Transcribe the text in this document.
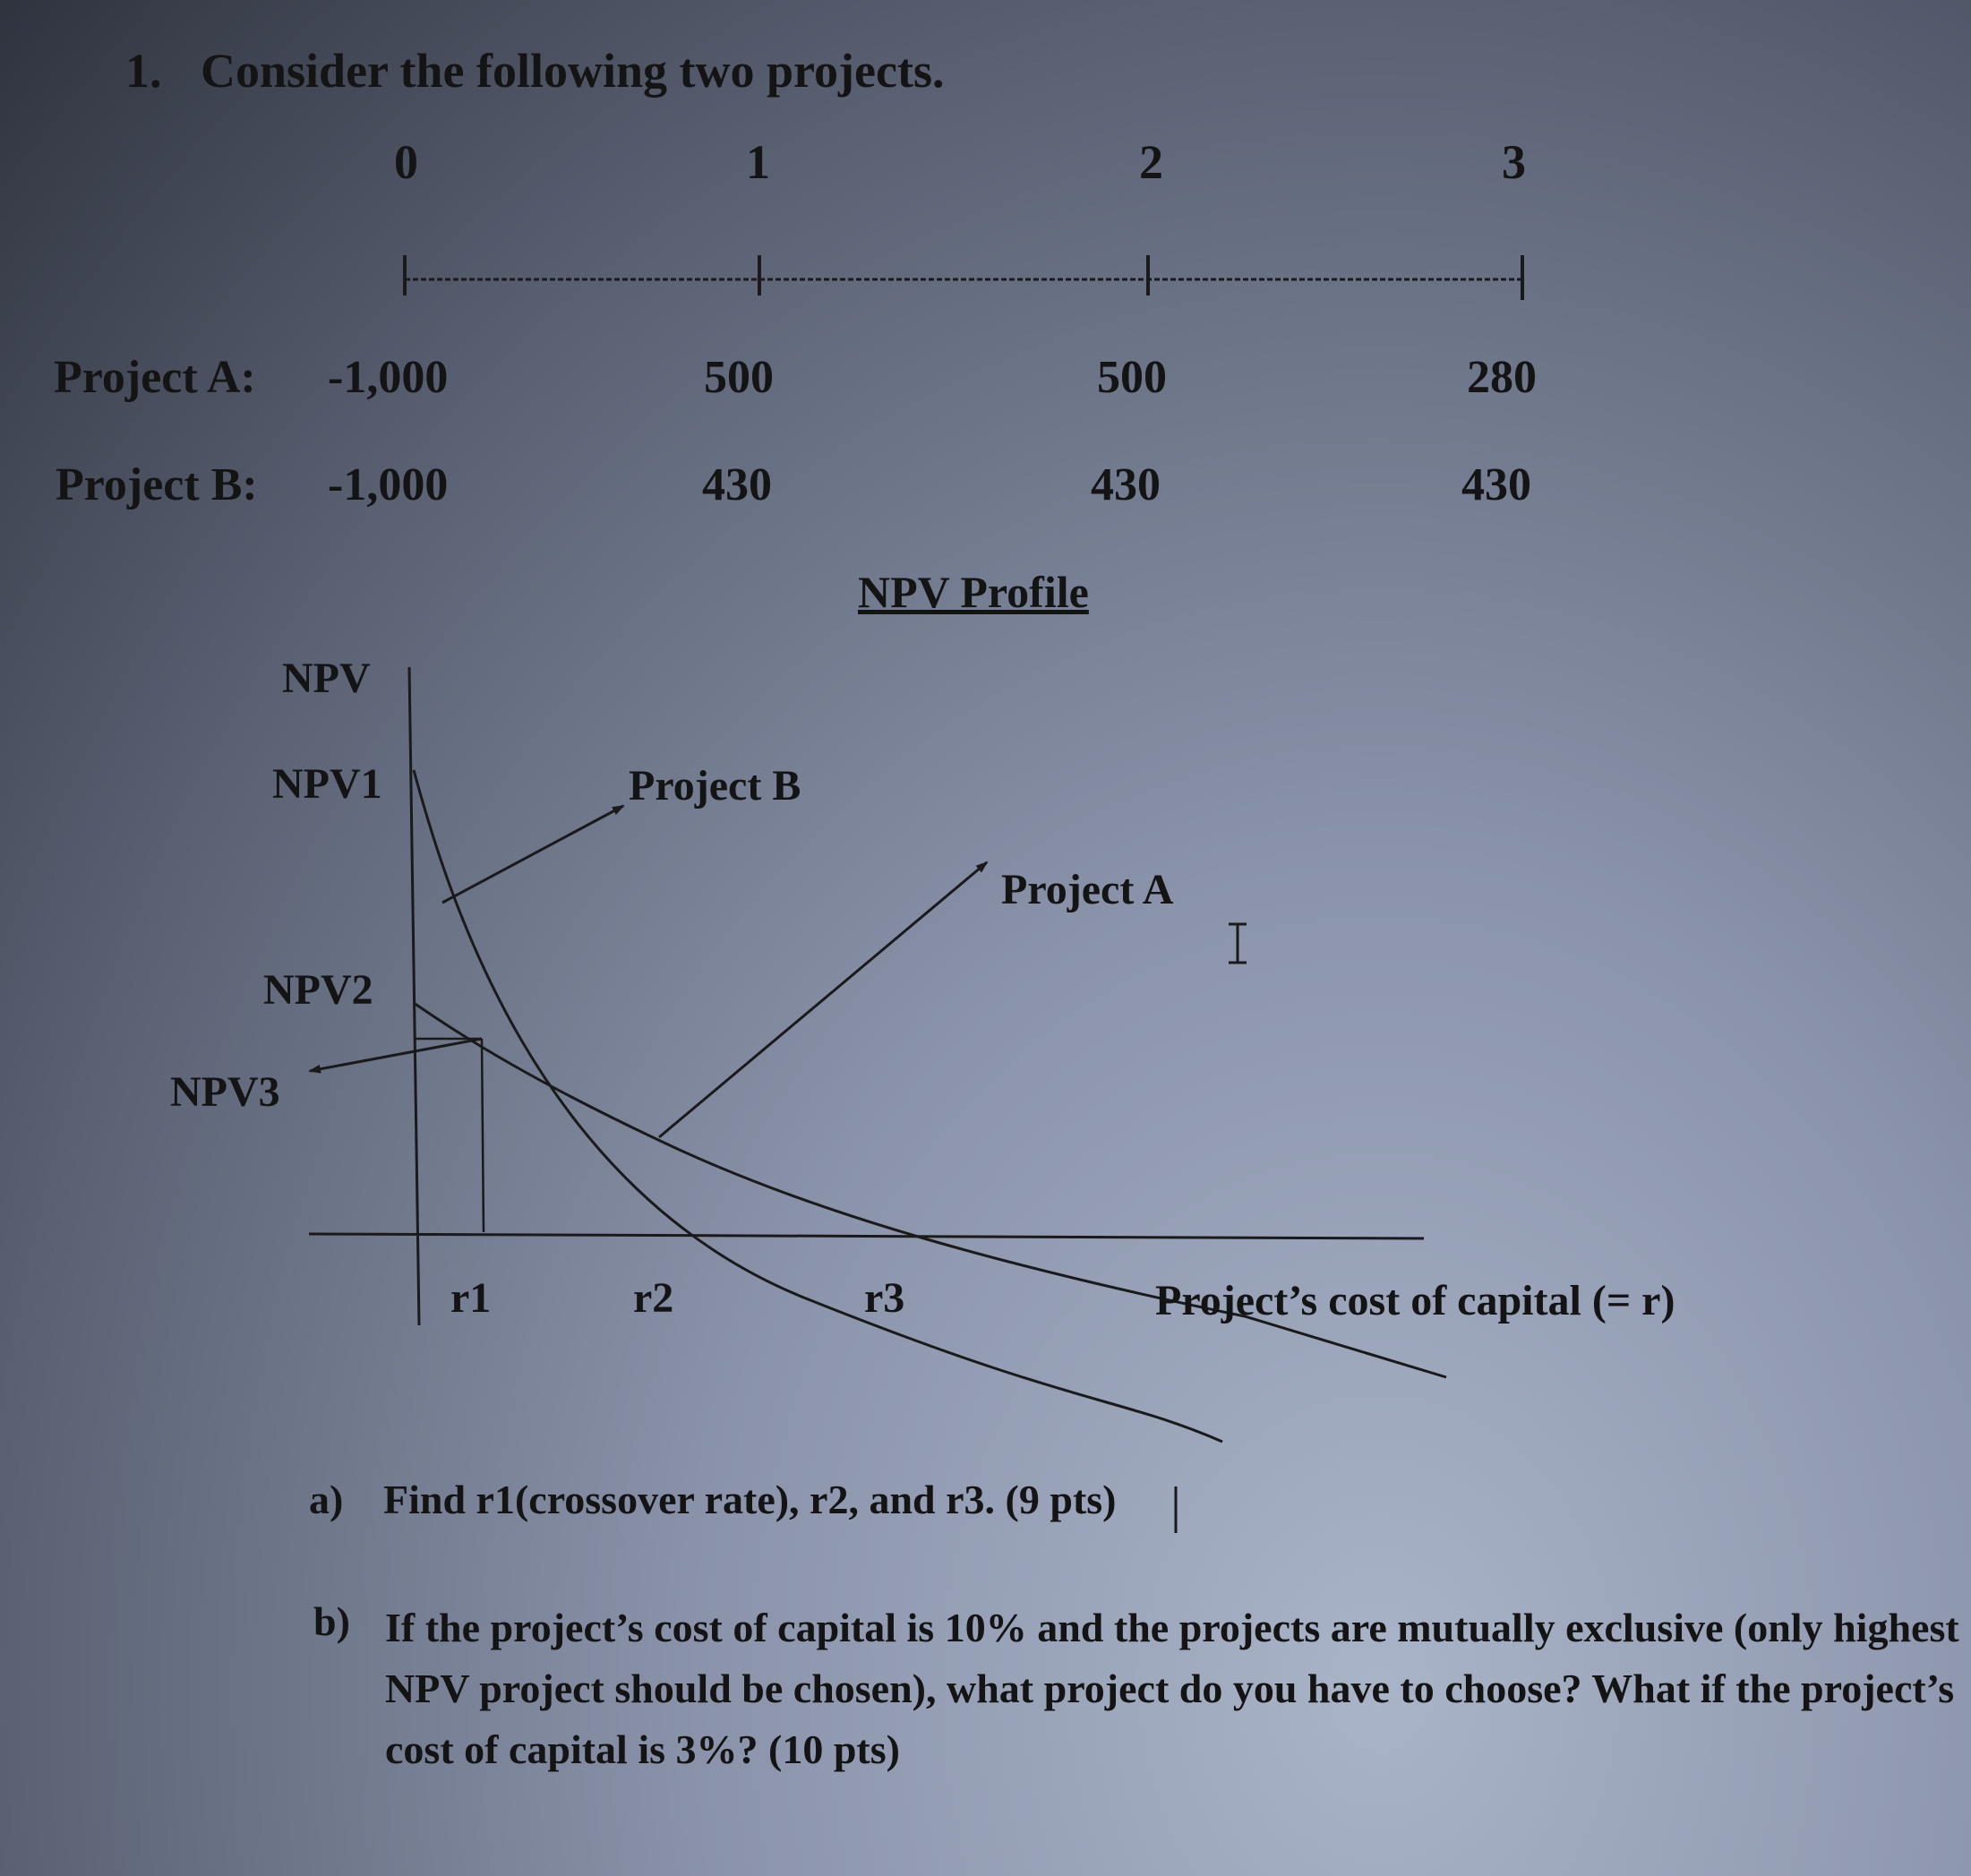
1. Consider the following two projects.
0	1	2	3
Project A: -1,000	500	500	280
Project B: -1,000	430	430	430
NPV Profile
NPV
NPV1
NPV2
NPV3
Project B
Project A
r1	r2	r3	Project’s cost of capital (= r)
a) Find r1(crossover rate), r2, and r3. (9 pts)
b) If the project’s cost of capital is 10% and the projects are mutually exclusive (only highest NPV project should be chosen), what project do you have to choose? What if the project’s cost of capital is 3%? (10 pts)
